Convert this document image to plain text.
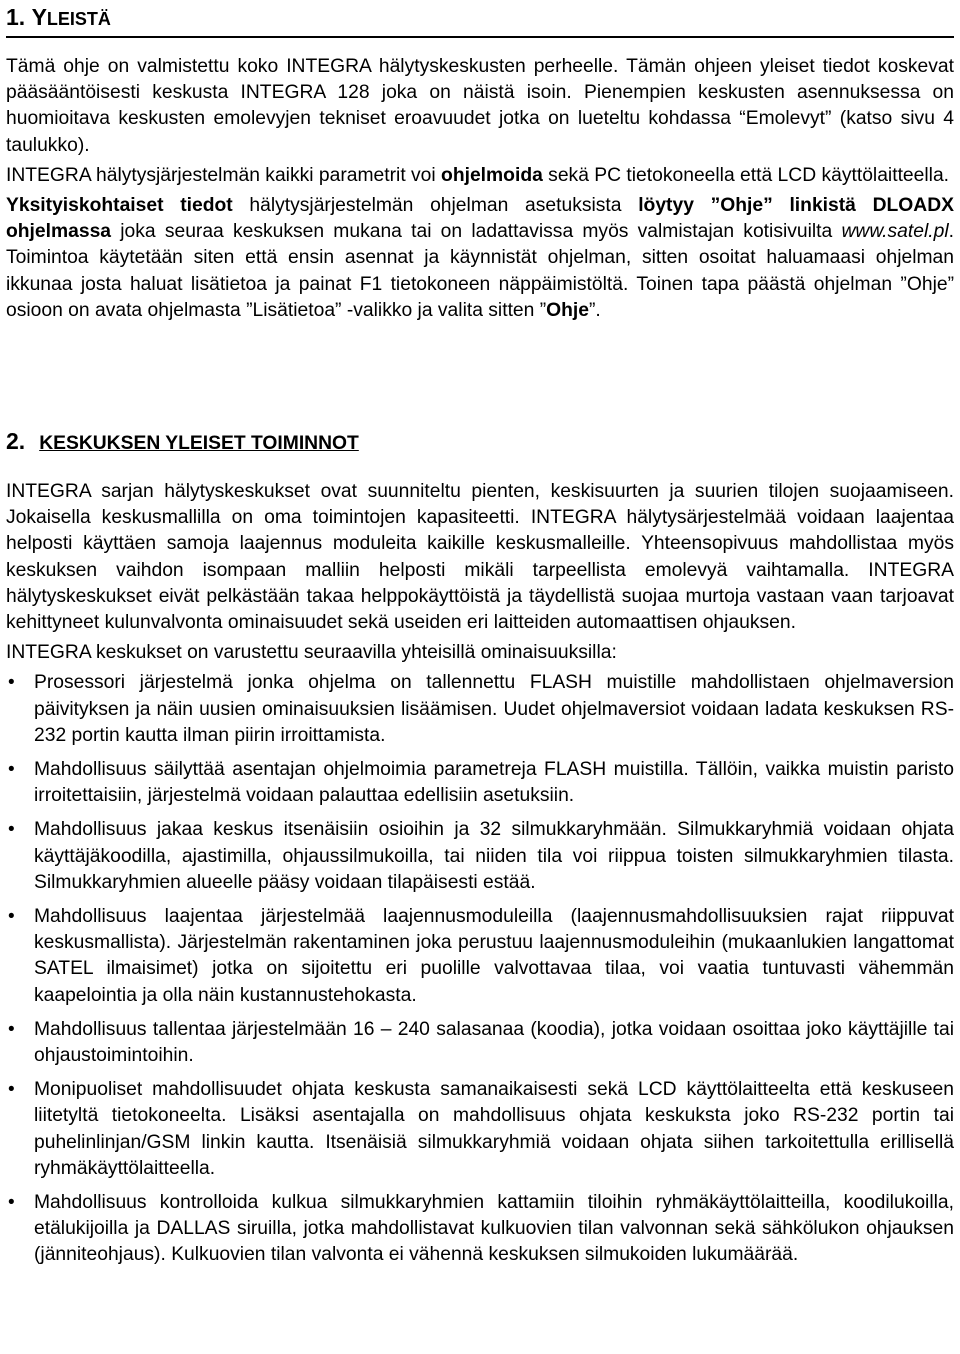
1. YLEISTÄ

Tämä ohje on valmistettu koko INTEGRA hälytyskeskusten perheelle. Tämän ohjeen yleiset tiedot koskevat pääsääntöisesti keskusta INTEGRA 128 joka on näistä isoin. Pienempien keskusten asennuksessa on huomioitava keskusten emolevyjen tekniset eroavuudet jotka on lueteltu kohdassa “Emolevyt” (katso sivu 4 taulukko).

INTEGRA hälytysjärjestelmän kaikki parametrit voi ohjelmoida sekä PC tietokoneella että LCD käyttölaitteella.

Yksityiskohtaiset tiedot hälytysjärjestelmän ohjelman asetuksista löytyy ”Ohje” linkistä DLOADX ohjelmassa joka seuraa keskuksen mukana tai on ladattavissa myös valmistajan kotisivuilta www.satel.pl. Toimintoa käytetään siten että ensin asennat ja käynnistät ohjelman, sitten osoitat haluamaasi ohjelman ikkunaa josta haluat lisätietoa ja painat F1 tietokoneen näppäimistöltä. Toinen tapa päästä ohjelman ”Ohje” osioon on avata ohjelmasta ”Lisätietoa” -valikko ja valita sitten ”Ohje”.

2. KESKUKSEN YLEISET TOIMINNOT

INTEGRA sarjan hälytyskeskukset ovat suunniteltu pienten, keskisuurten ja suurien tilojen suojaamiseen. Jokaisella keskusmallilla on oma toimintojen kapasiteetti. INTEGRA hälytysärjestelmää voidaan laajentaa helposti käyttäen samoja laajennus moduleita kaikille keskusmalleille. Yhteensopivuus mahdollistaa myös keskuksen vaihdon isompaan malliin helposti mikäli tarpeellista emolevyä vaihtamalla. INTEGRA hälytyskeskukset eivät pelkästään takaa helppokäyttöistä ja täydellistä suojaa murtoja vastaan vaan tarjoavat kehittyneet kulunvalvonta ominaisuudet sekä useiden eri laitteiden automaattisen ohjauksen.

INTEGRA keskukset on varustettu seuraavilla yhteisillä ominaisuuksilla:

• Prosessori järjestelmä jonka ohjelma on tallennettu FLASH muistille mahdollistaen ohjelmaversion päivityksen ja näin uusien ominaisuuksien lisäämisen. Uudet ohjelmaversiot voidaan ladata keskuksen RS-232 portin kautta ilman piirin irroittamista.
• Mahdollisuus säilyttää asentajan ohjelmoimia parametreja FLASH muistilla. Tällöin, vaikka muistin paristo irroitettaisiin, järjestelmä voidaan palauttaa edellisiin asetuksiin.
• Mahdollisuus jakaa keskus itsenäisiin osioihin ja 32 silmukkaryhmään. Silmukkaryhmiä voidaan ohjata käyttäjäkoodilla, ajastimilla, ohjaussilmukoilla, tai niiden tila voi riippua toisten silmukkaryhmien tilasta. Silmukkaryhmien alueelle pääsy voidaan tilapäisesti estää.
• Mahdollisuus laajentaa järjestelmää laajennusmoduleilla (laajennusmahdollisuuksien rajat riippuvat keskusmallista). Järjestelmän rakentaminen joka perustuu laajennusmoduleihin (mukaanlukien langattomat SATEL ilmaisimet) jotka on sijoitettu eri puolille valvottavaa tilaa, voi vaatia tuntuvasti vähemmän kaapelointia ja olla näin kustannustehokasta.
• Mahdollisuus tallentaa järjestelmään 16 – 240 salasanaa (koodia), jotka voidaan osoittaa joko käyttäjille tai ohjaustoimintoihin.
• Monipuoliset mahdollisuudet ohjata keskusta samanaikaisesti sekä LCD käyttölaitteelta että keskuseen liitetyltä tietokoneelta. Lisäksi asentajalla on mahdollisuus ohjata keskuksta joko RS-232 portin tai puhelinlinjan/GSM linkin kautta. Itsenäisiä silmukkaryhmiä voidaan ohjata siihen tarkoitettulla erillisellä ryhmäkäyttölaitteella.
• Mahdollisuus kontrolloida kulkua silmukkaryhmien kattamiin tiloihin ryhmäkäyttölaitteilla, koodilukoilla, etälukijoilla ja DALLAS siruilla, jotka mahdollistavat kulkuovien tilan valvonnan sekä sähkölukon ohjauksen (jänniteohjaus). Kulkuovien tilan valvonta ei vähennä keskuksen silmukoiden lukumäärää.
